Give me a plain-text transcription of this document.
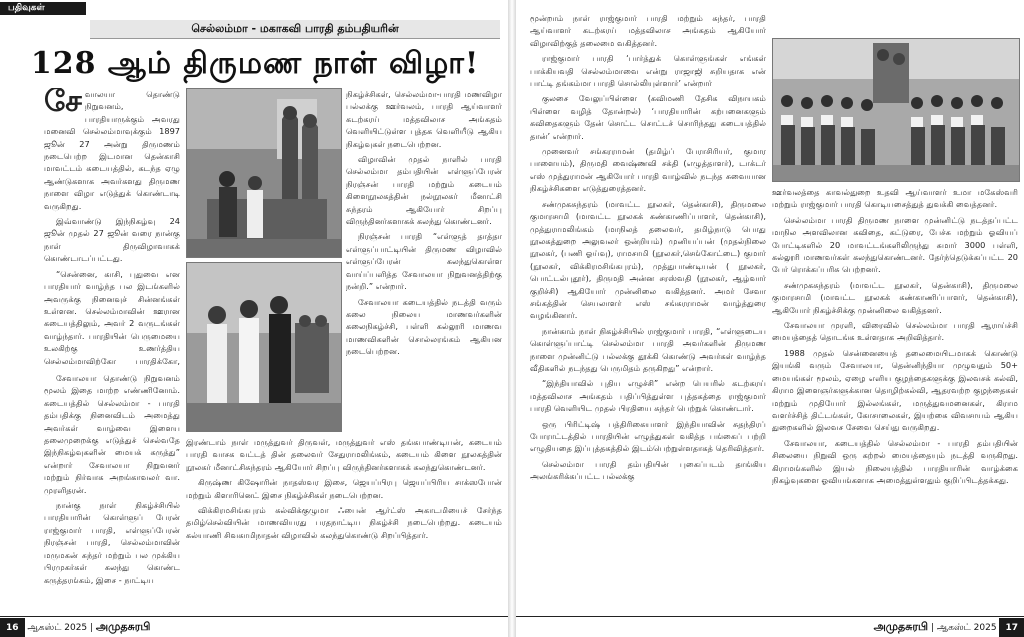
பதிவுகள்
செல்லம்மா - மகாகவி பாரதி தம்பதியரின்
128 ஆம் திருமண நாள் விழா!

சேவாலயா தொண்டு நிறுவனம், பாரதியாருக்கும் அவரது மனைவி செல்லம்மாவுக்கும் 1897 ஜூன் 27 அன்று திருமணம் நடைபெற்ற இடமான தென்காசி மாவட்டம் கடையத்தில், கடந்த ஏழு ஆண்டுகளாக அவர்களது திருமண நாளை விழா எடுத்துக் கொண்டாடி வருகிறது.

இவ்வாண்டு இந்நிகழ்வு 24 ஜூன் முதல் 27 ஜூன் வரை நான்கு நாள் திருவிழாவாகக் கொண்டாடப்பட்டது.

“சென்னை, காசி, புதுவை என பாரதியார் வாழ்ந்த பல இடங்களில் அவருக்கு நினைவுச் சின்னங்கள் உள்ளன. செல்லம்மாவின் ஊரான கடையத்திலும், அவர் 2 வருடங்கள் வாழ்ந்தார். பாரதியின் பெருமையை உலகிற்கு உணர்த்திய செல்லம்மாவிற்கோ பாரதிக்கோ,

நிகழ்ச்சிகள், செல்லம்மா-பாரதி மணவிழா பல்லக்கு ஊர்வலம், பாரதி ஆய்வாளர் கடற்கரய் மத்தவிலாச அங்கதம் வெளியிட்டுள்ள புத்தக வெளியீடு ஆகிய நிகழ்வுகள் நடைபெற்றன.

விழாவின் முதல் நாளில் பாரதி செல்லம்மா தம்பதியின் எள்ளுப்பேரன் நிரஞ்சன் பாரதி மற்றும் கடையம் கிளைநூலகத்தின் நல்நூலகர் மீனாட்சி சுந்தரம் ஆகியோர் சிறப்பு விருந்தினர்களாகக் கலந்து கொண்டனர்.

நிரஞ்சன் பாரதி “எள்ளுத் தாத்தா எள்ளுப்பாட்டியின் திருமண விழாவில் எள்ளுப்பேரன் கலந்துகொள்ள வாய்ப்பளித்த சேவாலயா நிறுவனத்திற்கு நன்றி.” என்றார்.

சேவாலயா கடையத்தில் நடத்தி வரும் கலை நிலைய மாணவர்களின் கலைநிகழ்ச்சி, பள்ளி கல்லூரி மாணவ மாணவிகளின் சொல்லரங்கம் ஆகியன நடைபெற்றன.

சேவாலயா தொண்டு நிறுவனம் மூலம் இதை மாற்ற எண்ணினோம். கடையத்தில் செல்லம்மா - பாரதி தம்பதிக்கு நினைவிடம் அமைத்து அவர்கள் வாழ்வை இளைய தலைமுறைக்கு எடுத்துச் செல்வதே இந்நிகழ்வுகளின் மையக் கருத்து” என்றார் சேவாலயா நிறுவனர் மற்றும் நிர்வாக அறங்காவலர் வா. முரளிதரன்.

நான்கு நாள் நிகழ்ச்சியில் பாரதியாரின் கொள்ளுப் பேரன் ராஜ்குமார் பாரதி, எள்ளுப்பேரன் நிரஞ்சன் பாரதி, செல்லம்மாவின் மருமகன் சுந்தர் மற்றும் பல முக்கிய பிரமுகர்கள் கலந்து கொண்ட கருத்தரங்கம், இசை - நாட்டிய

இரண்டாம் நாள் மருத்துவர் திருவள், மருத்துவர் எஸ் தங்கபாண்டியன், கடையம் பாரதி வாசக வட்டத் தின் தலைவர் சேதுராமலிங்கம், கடையம் கிளை நூலகத்தின் நூலகர் மீனாட்சிசுந்தரம் ஆகியோர் சிறப்பு விருந்தினர்களாகக் கலந்துகொண்டனர்.

கிருஷ்ண கிஷோரின் நாதஸ்வர இசை, ஜெயப்பிரபு ஜெயப்பிரிய சாக்ஸபோன் மற்றும் கிளாரினெட் இசை நிகழ்ச்சிகள் நடைபெற்றன.

விக்கிரமசிங்கபுரம் கல்விக்குழுமா ஃபைன் ஆர்ட்ஸ் அகாடமியைச் சேர்ந்த தமிழ்செல்வியின் மாணவியரது பரதநாட்டிய நிகழ்ச்சி நடைபெற்றது. கடையம் கல்யாணி சிவகாமிநாதன் விழாவில் கலந்துகொண்டு சிறப்பித்தார்.

16 ஆகஸ்ட் 2025 | அமுதசுரபி

மூன்றாம் நாள் ராஜ்குமார் பாரதி மற்றும் சுந்தர், பாரதி ஆய்வாளர் கடற்கரய் மத்தவிலாச அங்கதம் ஆகியோர் விழாவிற்குத் தலைமை வகித்தனர்.

ராஜ்குமார் பாரதி ‘பார்த்துக் கொள்ளுங்கள் எங்கள் பாக்கியவதி செல்லம்மாவை என்று ராஜாஜி சுறியதாக என் பாட்டி தங்கம்மா பாரதி சொல்லியுள்ளார்’ என்றார்

குலசை வேலுப்பிள்ளை (கவிமணி தேசிக விநாயகம் பிள்ளை வழித் தோன்றல்) ‘பாரதியாரின் கற்பனைகளும் கவிதைகளும் தேன் சொட்ட சொட்டச் சொரிந்தது கடையத்தில் தான்’ என்றார்.

முனைவர் சங்கரராமன் (தமிழ்ப் பேராசிரியர், குமார பாளையம்), திருமதி வைஷ்ணவி சக்தி (எழுத்தாளர்), டாக்டர் எஸ் முத்துராமன் ஆகியோர் பாரதி வாழ்வில் நடந்த சுவையான நிகழ்ச்சிகளை எடுத்துரைத்தனர்.

சண்முகசுந்தரம் (மாவட்ட நூலகர், தென்காசி), திருமலை குமாரசாமி (மாவட்ட நூலகக் கண்காணிப்பாளர், தென்காசி), முத்துராமலிங்கம் (மாநிலத் தலைவர், தமிழ்நாடு பொது நூலகத்துறை அலுவலர் ஒன்றியம்) முனியப்பன் (முதல்நிலை நூலகர், (பணி ஓய்வு), ராமசாமி (நூலகர்,செங்கோட்டை) குமார் (நூலகர், விக்கிரமசிங்கபுரம்), முத்துபாண்டியன் ( நூலகர், பொட்டல்புதூர்), திருமதி அன்ன சரஸ்வதி (நூலகர், ஆழ்வார் குறிச்சி) ஆகியோர் முன்னிலை வகித்தனர். அமர் சேவா சங்கத்தின் செயலாளர் எஸ் சங்கரராமன் வாழ்த்துரை வழங்கினார்.

நான்காம் நாள் நிகழ்ச்சியில் ராஜ்குமார் பாரதி, “எள்ளுடைய கொள்ளுப்பாட்டி செல்லம்மா பாரதி அவர்களின் திருமண நாளை முன்னிட்டு பல்லக்கு தூக்கி கொண்டு அவர்கள் வாழ்ந்த வீதிகளில் நடந்தது பெருமிதம் தருகிறது” என்றார்.

“இந்தியாவில் புதிய எழுச்சி” என்ற பெயரில் கடற்கரய் மத்தவிலாச அங்கதம் பதிப்பித்துள்ள புத்தகத்தை ராஜ்குமார் பாரதி வெளியிட முதல் பிரதியை சுந்தர் பெற்றுக் கொண்டார்.

ஒரு பிரிட்டிஷ் பத்திரிகையாளர் இந்தியாவின் சுதந்திரப் போராட்டத்தில் பாரதியின் எழுத்துகள் வகித்த பங்கைப் பற்றி எழுதியதை இப்புத்தகத்தில் இடம்பெற்றுள்ளதாகத் தெரிவித்தார்.

செல்லம்மா பாரதி தம்பதியின் புகைப்படம் தாங்கிய அலங்கரிக்கப்பட்ட பல்லக்கு

ஊர்வலத்தை காவல்துறை உதவி ஆய்வாளர் உமா மகேஸ்வரி மற்றும் ராஜ்குமார் பாரதி கொடியசைத்துத் துவக்கி வைத்தனர்.

செல்லம்மா பாரதி திருமண நாளை முன்னிட்டு நடத்தப்பட்ட மாநில அளவிலான கவிதை, கட்டுரை, பேச்சு மற்றும் ஓவியப் போட்டிகளில் 20 மாவட்டங்களிலிருந்து சுமார் 3000 பள்ளி, கல்லூரி மாணவர்கள் கலந்துகொண்டனர். தேர்ந்தெடுக்கப்பட்ட 20 பேர் ரொக்கப்பரிசு பெற்றனர்.

சண்முகசுந்தரம் (மாவட்ட நூலகர், தென்காசி), திருமலை குமாரசாமி (மாவட்ட நூலகக் கண்காணிப்பாளர், தென்காசி), ஆகியோர் நிகழ்ச்சிக்கு முன்னிலை வகித்தனர்.

சேவாலயா முரளி, விரைவில் செல்லம்மா பாரதி ஆராய்ச்சி மையத்தைத் தொடங்க உள்ளதாக அறிவித்தார்.

1988 முதல் சென்னையைத் தலைமையிடமாகக் கொண்டு இயங்கி வரும் சேவாலயா, தென்னிந்தியா முழுவதும் 50+ மையங்கள் மூலம், ஏழை எளிய குழந்தைகளுக்கு இலவசக் கல்வி, கிராம இளைஞர்களுக்கான தொழிற்கல்வி, ஆதரவற்ற குழந்தைகள் மற்றும் முதியோர் இல்லங்கள், மருத்துவமனைகள், கிராம வளர்ச்சித் திட்டங்கள், கோசாலைகள், இயற்கை விவசாயம் ஆகிய துறைகளில் இலவச சேவை செய்து வருகிறது.

சேவாலயா, கடையத்தில் செல்லம்மா - பாரதி தம்பதியின் சிலையை நிறுவி ஒரு கற்றல் மையத்தையும் நடத்தி வருகிறது. கிராமங்களில் இயல் நிலையத்தில் பாரதியாரின் வாழ்க்கை நிகழ்வுகளை ஓவியங்களாக அமைத்துள்ளதும் குறிப்பிடத்தக்கது.

அமுதசுரபி | ஆகஸ்ட் 2025 17
